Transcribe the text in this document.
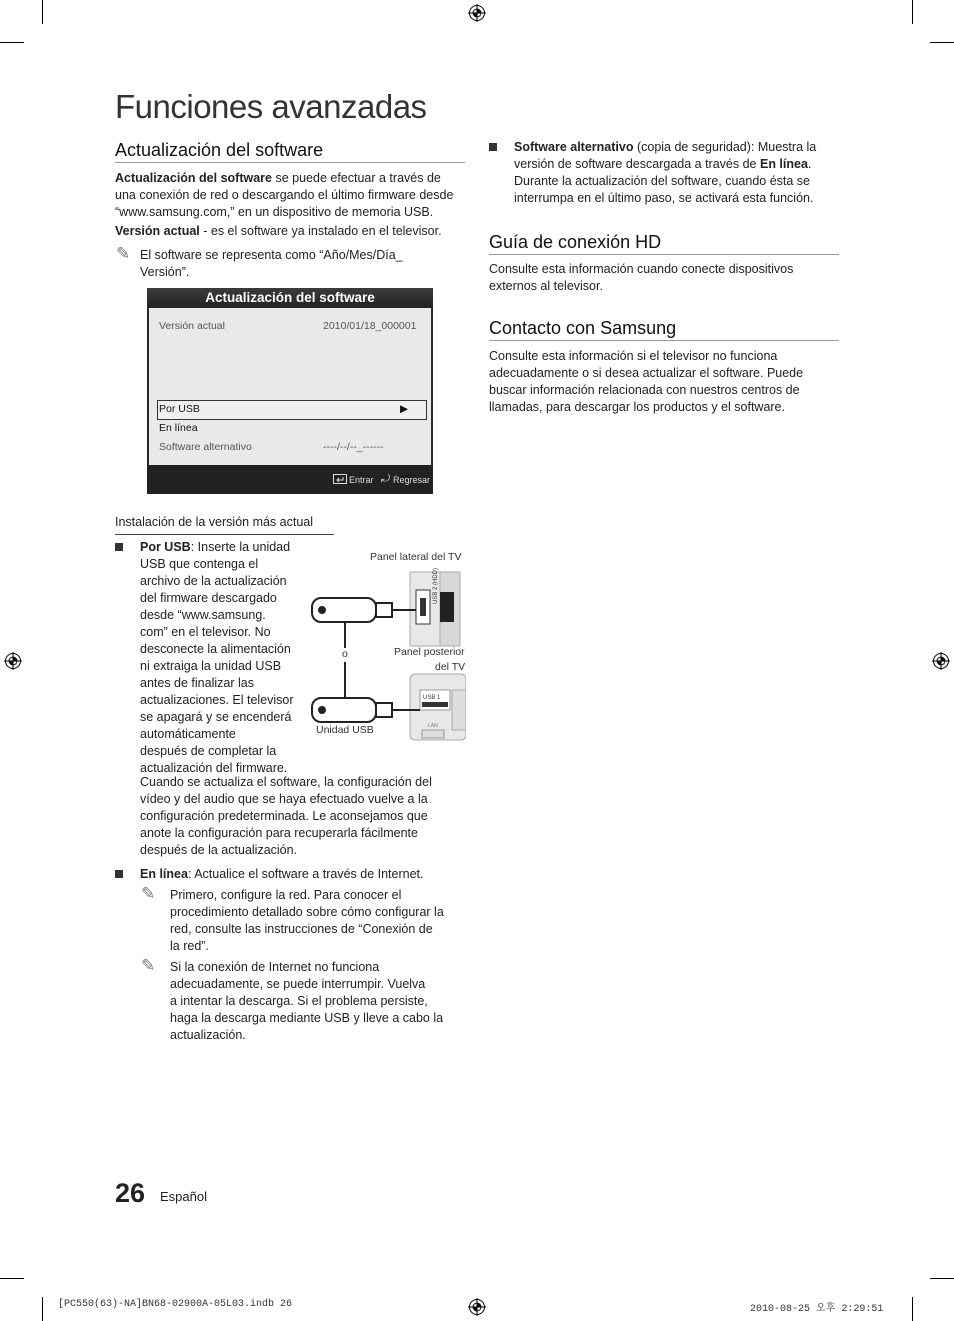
Funciones avanzadas
Actualización del software

Actualización del software se puede efectuar a través de

una conexión de red o descargando el último firmware desde

“www.samsung.com,” en un dispositivo de memoria USB.

Versión actual - es el software ya instalado en el televisor.

✎ El software se representa como “Año/Mes/Día_

Versión”.

Actualización del software
Versión actual	2010/01/18_000001
Por USB	▶
En línea
Software alternativo	----/--/--_------
Entrar ⤾ Regresar
Instalación de la versión más actual

Por USB: Inserte la unidad

USB que contenga el

archivo de la actualización

del firmware descargado

desde “www.samsung.

com” en el televisor. No

desconecte la alimentación

ni extraiga la unidad USB

antes de finalizar las

actualizaciones. El televisor

se apagará y se encenderá

automáticamente

después de completar la

actualización del firmware.

Cuando se actualiza el software, la configuración del

vídeo y del audio que se haya efectuado vuelve a la

configuración predeterminada. Le aconsejamos que

anote la configuración para recuperarla fácilmente

después de la actualización.

Panel lateral del TV
Panel posterior
del TV
o
Unidad USB
USB 2 (HDD)
USB 1
LAN

En línea: Actualice el software a través de Internet.

✎ Primero, configure la red. Para conocer el

procedimiento detallado sobre cómo configurar la

red, consulte las instrucciones de “Conexión de

la red”.

✎ Si la conexión de Internet no funciona

adecuadamente, se puede interrumpir. Vuelva

a intentar la descarga. Si el problema persiste,

haga la descarga mediante USB y lleve a cabo la

actualización.

Software alternativo (copia de seguridad): Muestra la

versión de software descargada a través de En línea.

Durante la actualización del software, cuando ésta se

interrumpa en el último paso, se activará esta función.

Guía de conexión HD

Consulte esta información cuando conecte dispositivos

externos al televisor.

Contacto con Samsung

Consulte esta información si el televisor no funciona

adecuadamente o si desea actualizar el software. Puede

buscar información relacionada con nuestros centros de

llamadas, para descargar los productos y el software.

26 Español
[PC550(63)-NA]BN68-02900A-05L03.indb 26	2010-08-25 오후 2:29:51
